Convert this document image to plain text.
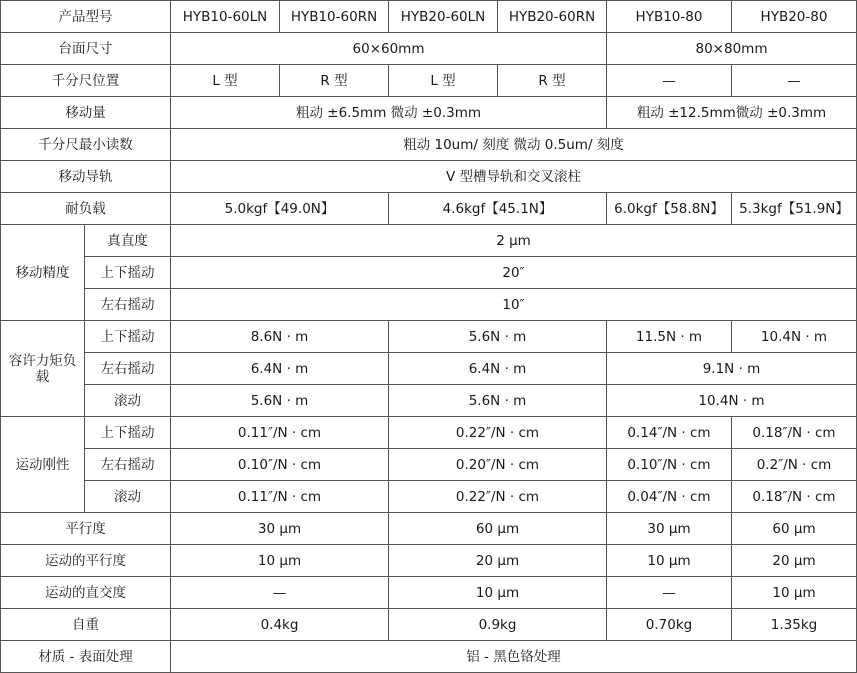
产品型号		HYB10-60LN	HYB10-60RN	HYB20-60LN	HYB20-60RN	HYB10-80	HYB20-80
台面尺寸		60×60mm				80×80mm	
千分尺位置		L 型	R 型	L 型	R 型	—	—
移动量		粗动 ±6.5mm 微动 ±0.3mm				粗动 ±12.5mm微动 ±0.3mm	
千分尺最小读数		粗动 10um/ 刻度 微动 0.5um/ 刻度					
移动导轨		V 型槽导轨和交叉滚柱					
耐负载		5.0kgf【49.0N】		4.6kgf【45.1N】		6.0kgf【58.8N】	5.3kgf【51.9N】
移动精度	真直度	2 μm					
	上下摇动	20″					
	左右摇动	10″					
容许力矩负载	上下摇动	8.6N · m		5.6N · m		11.5N · m	10.4N · m
	左右摇动	6.4N · m		6.4N · m		9.1N · m	
	滚动	5.6N · m		5.6N · m		10.4N · m	
运动刚性	上下摇动	0.11″/N · cm		0.22″/N · cm		0.14″/N · cm	0.18″/N · cm
	左右摇动	0.10″/N · cm		0.20″/N · cm		0.10″/N · cm	0.2″/N · cm
	滚动	0.11″/N · cm		0.22″/N · cm		0.04″/N · cm	0.18″/N · cm
平行度		30 μm		60 μm		30 μm	60 μm
运动的平行度		10 μm		20 μm		10 μm	20 μm
运动的直交度		—		10 μm		—	10 μm
自重		0.4kg		0.9kg		0.70kg	1.35kg
材质 - 表面处理		铝 - 黑色铬处理					
